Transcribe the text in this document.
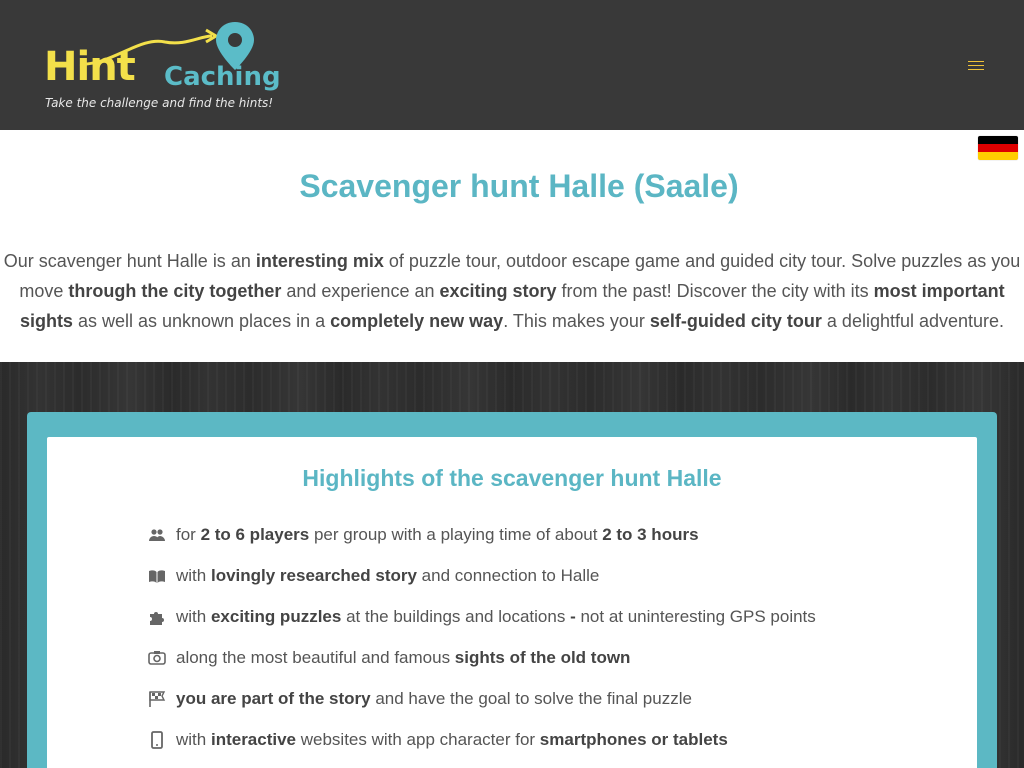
Hint Caching
Take the challenge and find the hints!
Scavenger hunt Halle (Saale)

Our scavenger hunt Halle is an interesting mix of puzzle tour, outdoor escape game and guided city tour. Solve puzzles as you move through the city together and experience an exciting story from the past! Discover the city with its most important sights as well as unknown places in a completely new way. This makes your self-guided city tour a delightful adventure.

Highlights of the scavenger hunt Halle
for 2 to 6 players per group with a playing time of about 2 to 3 hours
with lovingly researched story and connection to Halle
with exciting puzzles at the buildings and locations - not at uninteresting GPS points
along the most beautiful and famous sights of the old town
you are part of the story and have the goal to solve the final puzzle
with interactive websites with app character for smartphones or tablets
